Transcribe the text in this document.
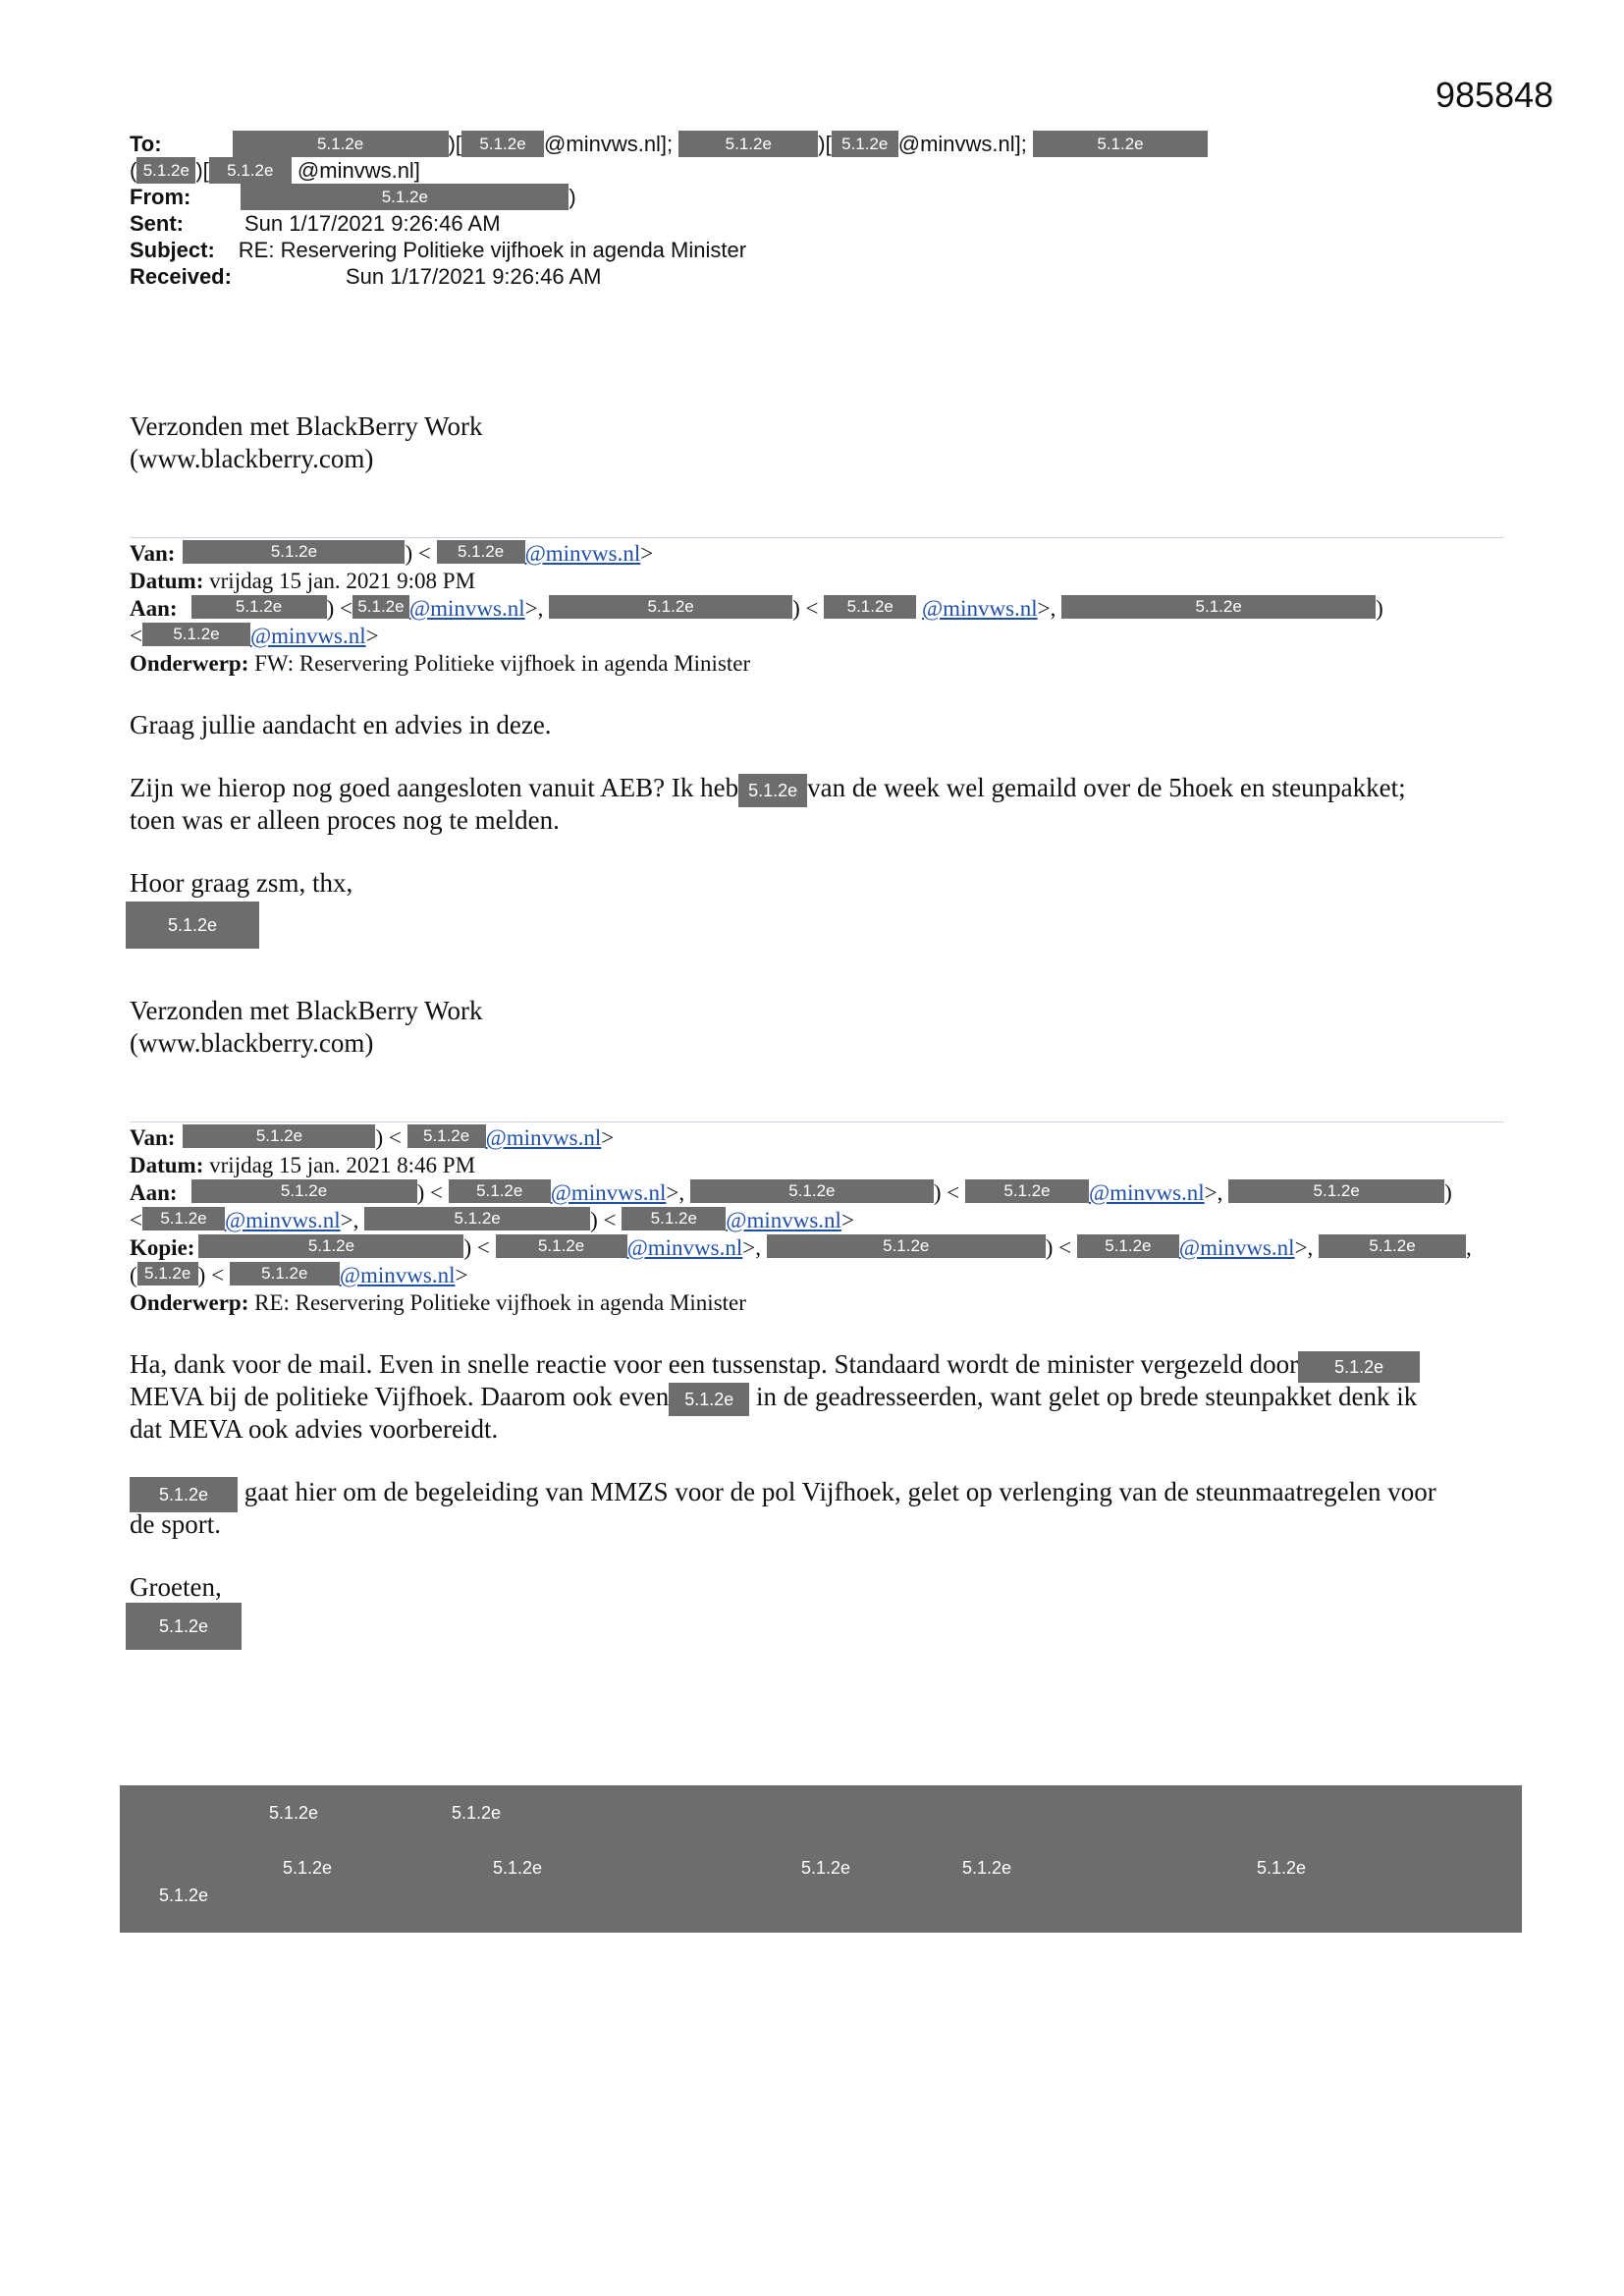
985848
To:	5.1.2e	)[ 5.1.2e @minvws.nl];	5.1.2e )[ 5.1.2e @minvws.nl];	5.1.2e
( 5.1.2e )[ 5.1.2e @minvws.nl]
From:	5.1.2e	)
Sent:	Sun 1/17/2021 9:26:46 AM
Subject: RE: Reservering Politieke vijfhoek in agenda Minister
Received:	Sun 1/17/2021 9:26:46 AM
Verzonden met BlackBerry Work
(www.blackberry.com)
Van:	5.1.2e	) < 5.1.2e @minvws.nl>
Datum: vrijdag 15 jan. 2021 9:08 PM
Aan:	5.1.2e ) < 5.1.2e @minvws.nl>,	5.1.2e	) < 5.1.2e @minvws.nl>,	5.1.2e	)
< 5.1.2e @minvws.nl>
Onderwerp: FW: Reservering Politieke vijfhoek in agenda Minister
Graag jullie aandacht en advies in deze.
Zijn we hierop nog goed aangesloten vanuit AEB? Ik heb 5.1.2e van de week wel gemaild over de 5hoek en steunpakket;
toen was er alleen proces nog te melden.
Hoor graag zsm, thx,
5.1.2e
Verzonden met BlackBerry Work
(www.blackberry.com)
Van:	5.1.2e	) < 5.1.2e @minvws.nl>
Datum: vrijdag 15 jan. 2021 8:46 PM
Aan:	5.1.2e	) < 5.1.2e @minvws.nl>,	5.1.2e	) < 5.1.2e @minvws.nl>,	5.1.2e	)
< 5.1.2e @minvws.nl>,	5.1.2e	) < 5.1.2e @minvws.nl>
Kopie:	5.1.2e	) <	5.1.2e @minvws.nl>,	5.1.2e	) < 5.1.2e @minvws.nl>,	5.1.2e ,
( 5.1.2e ) < 5.1.2e @minvws.nl>
Onderwerp: RE: Reservering Politieke vijfhoek in agenda Minister
Ha, dank voor de mail. Even in snelle reactie voor een tussenstap. Standaard wordt de minister vergezeld door 5.1.2e
MEVA bij de politieke Vijfhoek. Daarom ook even 5.1.2e in de geadresseerden, want gelet op brede steunpakket denk ik
dat MEVA ook advies voorbereidt.
5.1.2e gaat hier om de begeleiding van MMZS voor de pol Vijfhoek, gelet op verlenging van de steunmaatregelen voor
de sport.
Groeten,
5.1.2e
5.1.2e	5.1.2e
5.1.2e	5.1.2e	5.1.2e	5.1.2e	5.1.2e
5.1.2e
